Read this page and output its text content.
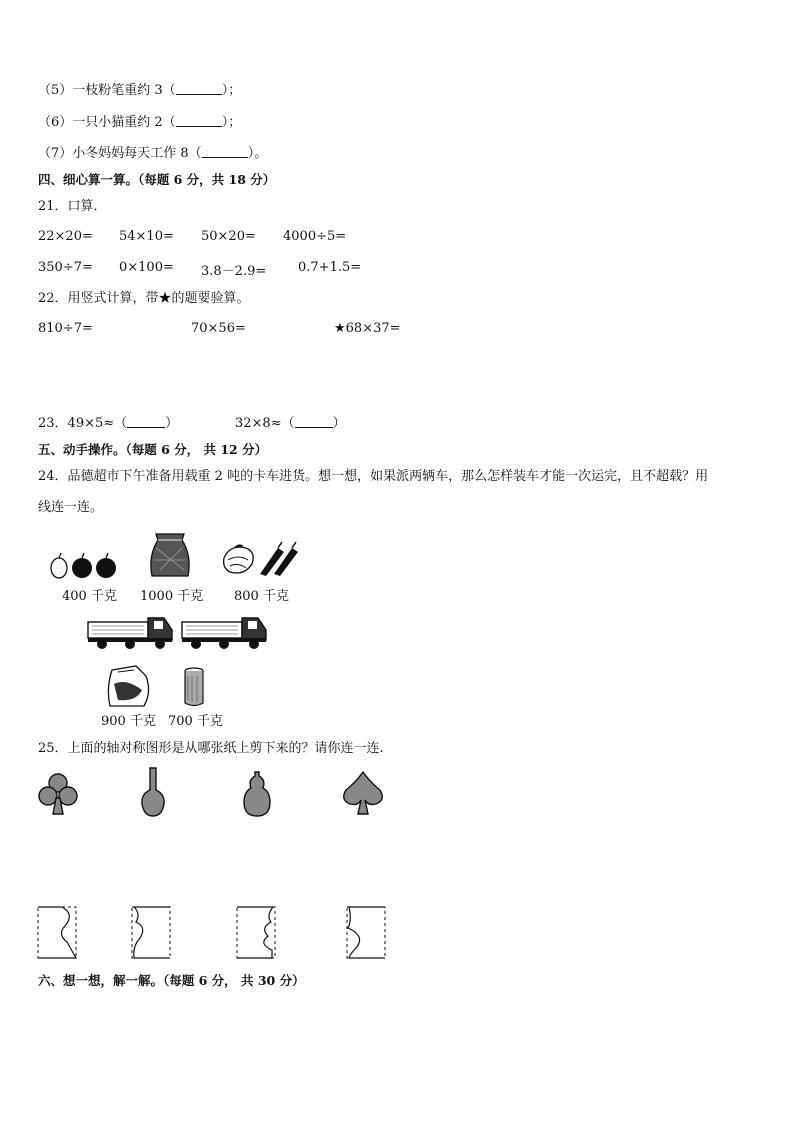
（5）一枝粉笔重约 3（	）；
（6）一只小猫重约 2（	）；
（7）小冬妈妈每天工作 8（	）。
四、细心算一算。（每题 6 分，共 18 分）
21．口算．
22×20= 54×10= 50×20= 4000÷5=
350÷7= 0×100= 3.8－2.9= 0.7+1.5=
22．用竖式计算，带★的题要验算。
810÷7=	70×56=	★68×37=
23．49×5≈（	）	32×8≈（	）
五、动手操作。（每题 6 分， 共 12 分）
24．品德超市下午准备用载重 2 吨的卡车进货。想一想，如果派两辆车，那么怎样装车才能一次运完，且不超载？用
线连一连。
400 千克 1000 千克 800 千克
900 千克 700 千克
25．上面的轴对称图形是从哪张纸上剪下来的？请你连一连.
六、想一想，解一解。（每题 6 分， 共 30 分）
